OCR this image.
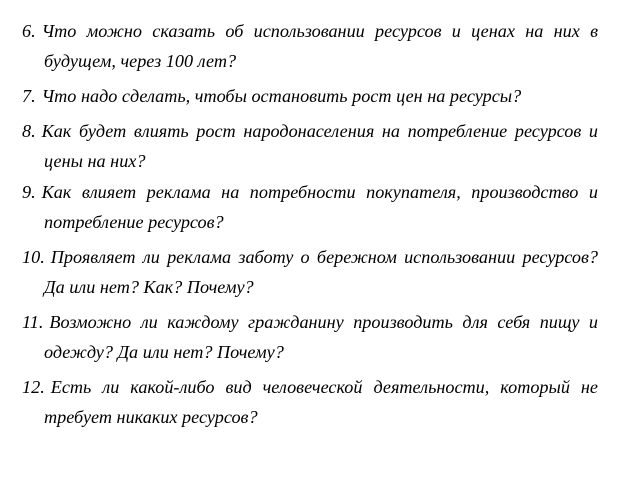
6. Что можно сказать об использовании ресурсов и ценах на них в будущем, через 100 лет?
7. Что надо сделать, чтобы остановить рост цен на ресурсы?
8. Как будет влиять рост народонаселения на потребление ресурсов и цены на них?
9. Как влияет реклама на потребности покупателя, производство и потребление ресурсов?
10. Проявляет ли реклама заботу о бережном использовании ресурсов? Да или нет? Как? Почему?
11. Возможно ли каждому гражданину производить для себя пищу и одежду? Да или нет? Почему?
12. Есть ли какой-либо вид человеческой деятельности, который не требует никаких ресурсов?
